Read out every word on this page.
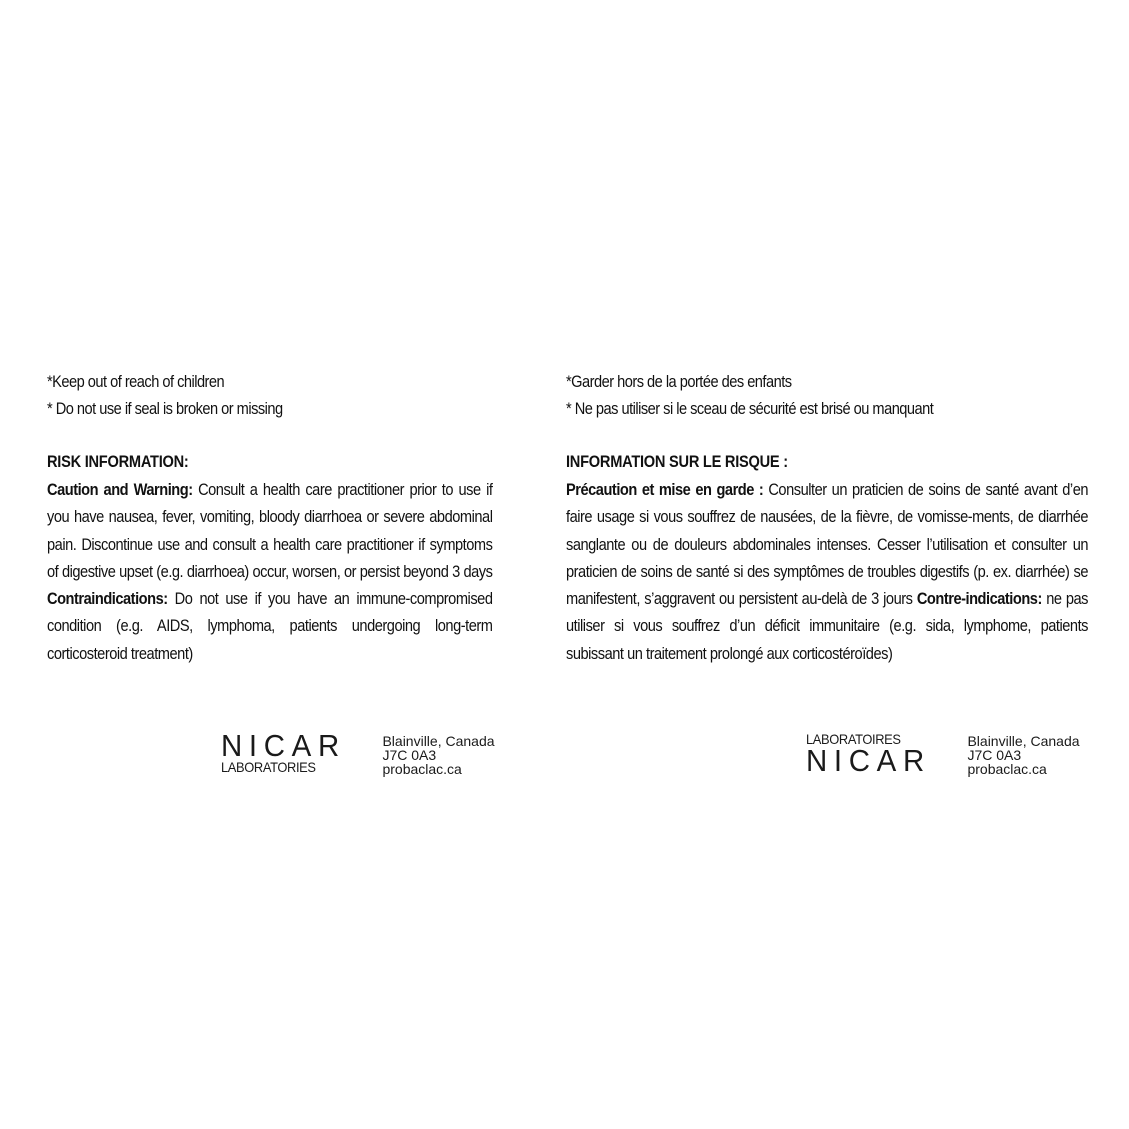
*Keep out of reach of children
* Do not use if seal is broken or missing
RISK INFORMATION:
Caution and Warning: Consult a health care practitioner prior to use if you have nausea, fever, vomiting, bloody diarrhoea or severe abdominal pain. Discontinue use and consult a health care practitioner if symptoms of digestive upset (e.g. diarrhoea) occur, worsen, or persist beyond 3 days Contraindications: Do not use if you have an immune-compromised condition (e.g. AIDS, lymphoma, patients undergoing long-term corticosteroid treatment)
*Garder hors de la portée des enfants
* Ne pas utiliser si le sceau de sécurité est brisé ou manquant
INFORMATION SUR LE RISQUE :
Précaution et mise en garde : Consulter un praticien de soins de santé avant d’en faire usage si vous souffrez de nausées, de la fièvre, de vomisse-ments, de diarrhée sanglante ou de douleurs abdominales intenses. Cesser l’utilisation et consulter un praticien de soins de santé si des symptômes de troubles digestifs (p. ex. diarrhée) se manifestent, s’aggravent ou persistent au-delà de 3 jours Contre-indications: ne pas utiliser si vous souffrez d’un déficit immunitaire (e.g. sida, lymphome, patients subissant un traitement prolongé aux corticostéroïdes)
NICAR
LABORATORIES
Blainville, Canada
J7C 0A3
probaclac.ca
LABORATOIRES
NICAR
Blainville, Canada
J7C 0A3
probaclac.ca
